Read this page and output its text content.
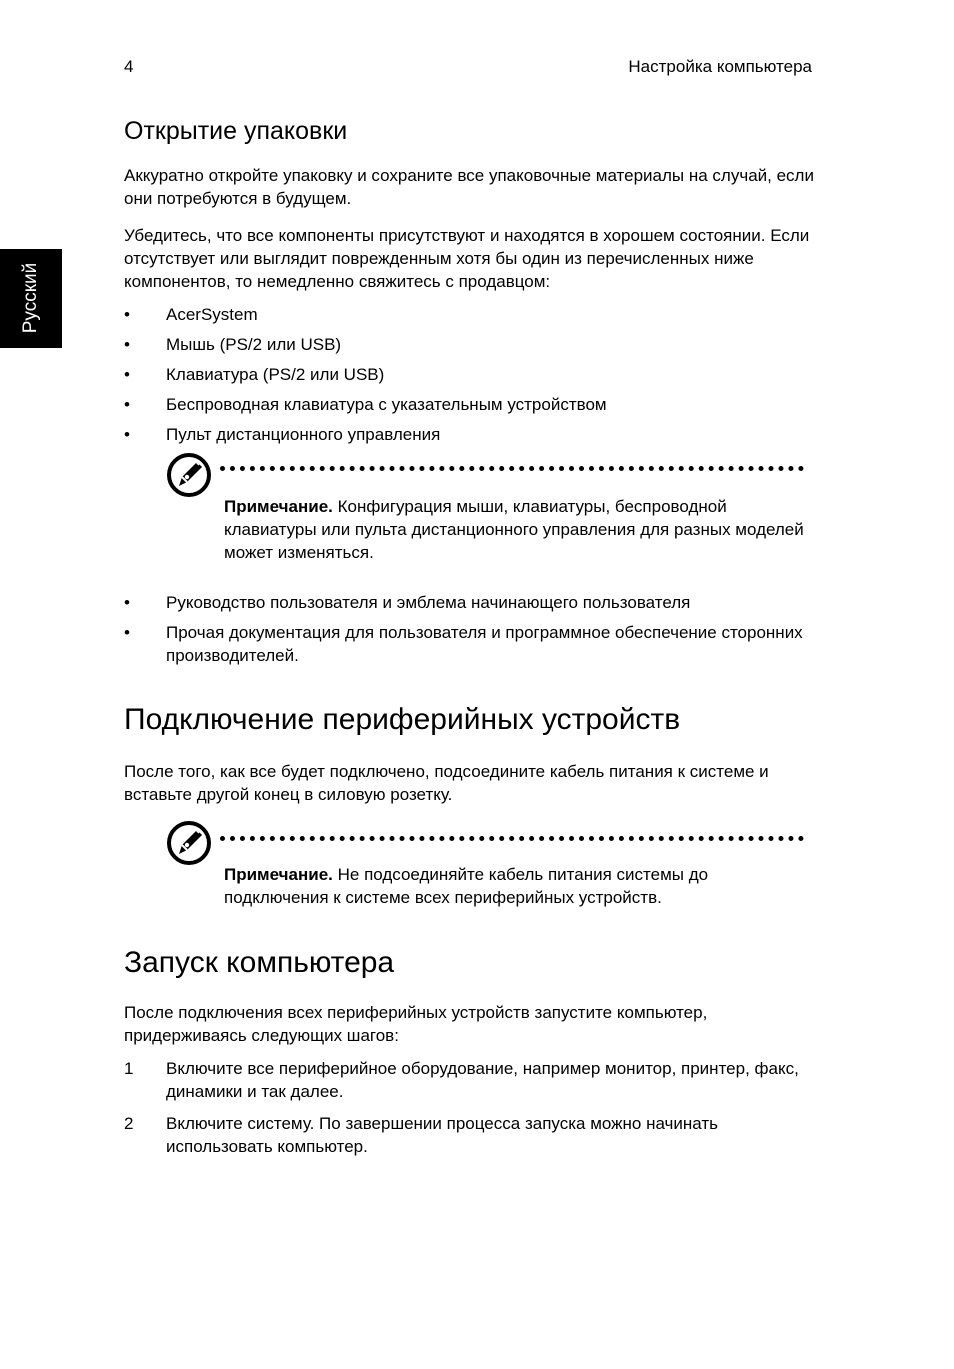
Русский
4	Настройка компьютера
Открытие упаковки
Аккуратно откройте упаковку и сохраните все упаковочные материалы на случай, если они потребуются в будущем.
Убедитесь, что все компоненты присутствуют и находятся в хорошем состоянии. Если отсутствует или выглядит поврежденным хотя бы один из перечисленных ниже компонентов, то немедленно свяжитесь с продавцом:
• AcerSystem
• Мышь (PS/2 или USB)
• Клавиатура (PS/2 или USB)
• Беспроводная клавиатура с указательным устройством
• Пульт дистанционного управления
Примечание. Конфигурация мыши, клавиатуры, беспроводной клавиатуры или пульта дистанционного управления для разных моделей может изменяться.
• Руководство пользователя и эмблема начинающего пользователя
• Прочая документация для пользователя и программное обеспечение сторонних производителей.
Подключение периферийных устройств
После того, как все будет подключено, подсоедините кабель питания к системе и вставьте другой конец в силовую розетку.
Примечание. Не подсоединяйте кабель питания системы до подключения к системе всех периферийных устройств.
Запуск компьютера
После подключения всех периферийных устройств запустите компьютер, придерживаясь следующих шагов:
1 Включите все периферийное оборудование, например монитор, принтер, факс, динамики и так далее.
2 Включите систему. По завершении процесса запуска можно начинать использовать компьютер.
